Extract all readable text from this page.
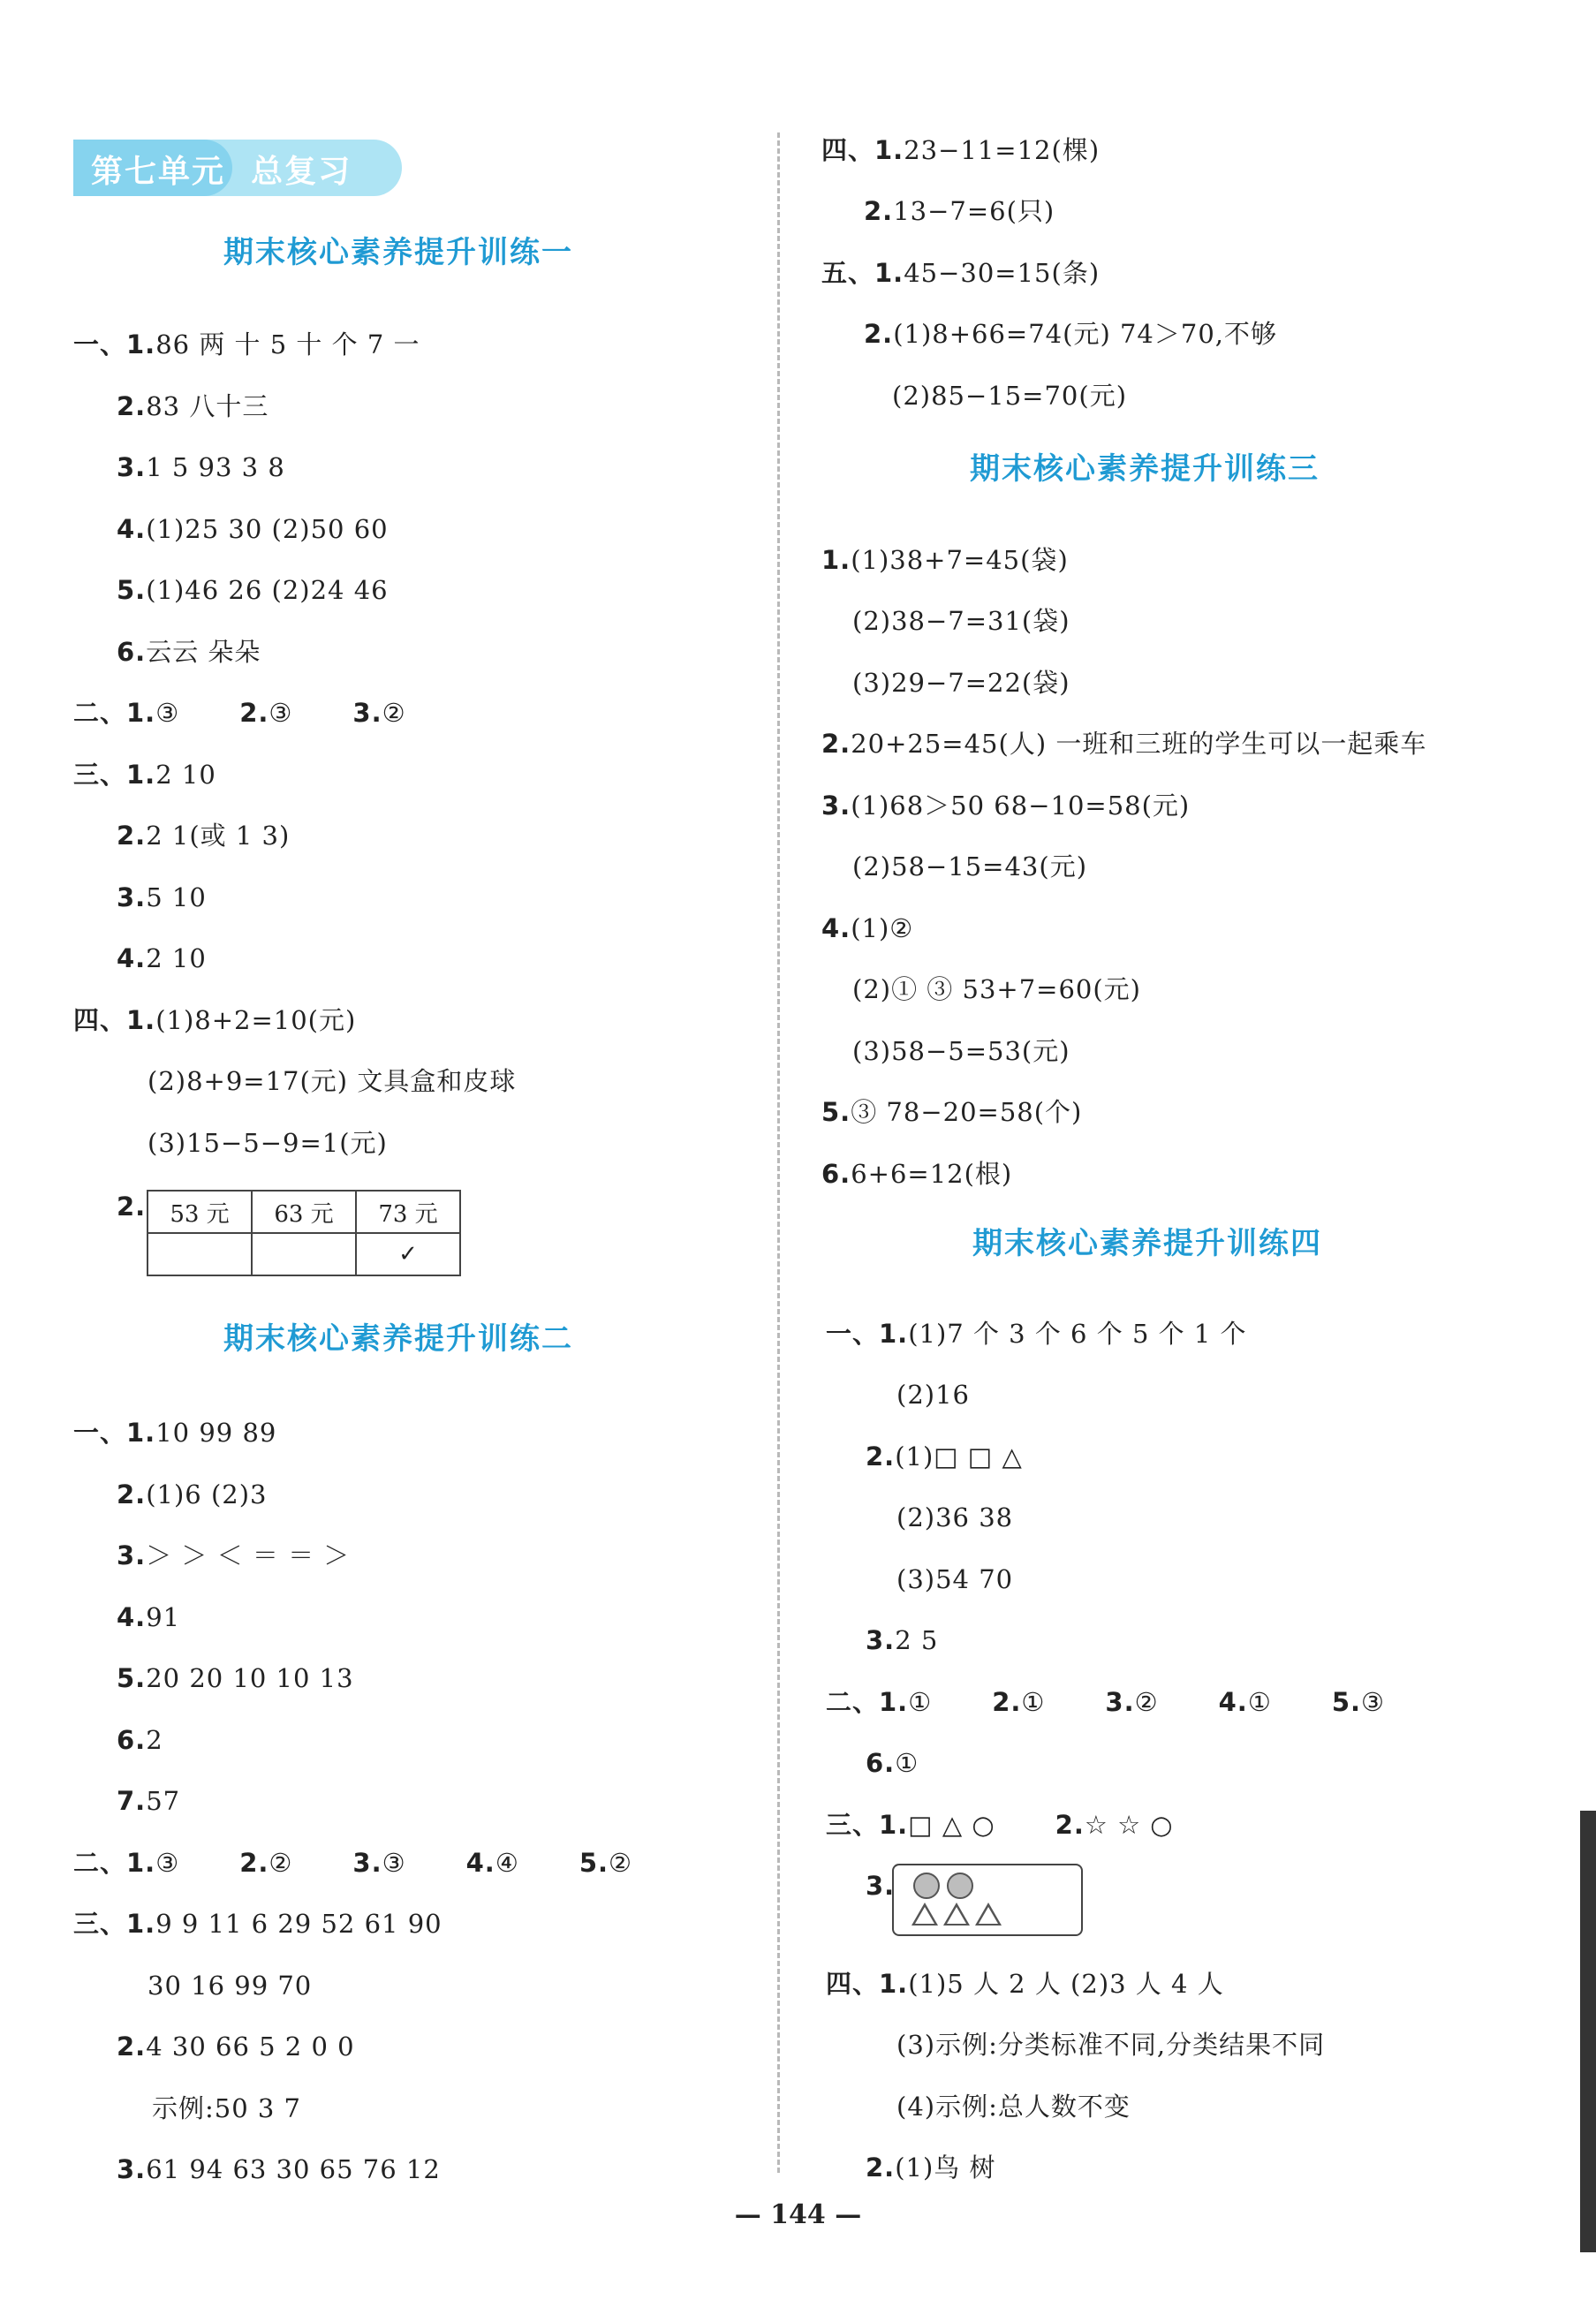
第七单元  总复习
期末核心素养提升训练一
一、1.86 两 十 5 十 个 7 一
2.83 八十三
3.1 5 93 3 8
4.(1)25 30 (2)50 60
5.(1)46 26 (2)24 46
6.云云 朵朵
二、1.③ 2.③ 3.②
三、1.2 10
2.2 1(或 1 3)
3.5 10
4.2 10
四、1.(1)8+2=10(元)
(2)8+9=17(元) 文具盒和皮球
(3)15−5−9=1(元)
2. 53 元	63 元	73 元
		✓
期末核心素养提升训练二
一、1.10 99 89
2.(1)6 (2)3
3.＞ ＞ ＜ ＝ ＝ ＞
4.91
5.20 20 10 10 13
6.2
7.57
二、1.③ 2.② 3.③ 4.④ 5.②
三、1.9 9 11 6 29 52 61 90
30 16 99 70
2.4 30 66 5 2 0 0
示例:50 3 7
3.61 94 63 30 65 76 12
四、1.23−11=12(棵)
2.13−7=6(只)
五、1.45−30=15(条)
2.(1)8+66=74(元) 74＞70,不够
(2)85−15=70(元)
期末核心素养提升训练三
1.(1)38+7=45(袋)
(2)38−7=31(袋)
(3)29−7=22(袋)
2.20+25=45(人) 一班和三班的学生可以一起乘车
3.(1)68＞50 68−10=58(元)
(2)58−15=43(元)
4.(1)②
(2)① ③ 53+7=60(元)
(3)58−5=53(元)
5.③ 78−20=58(个)
6.6+6=12(根)
期末核心素养提升训练四
一、1.(1)7 个 3 个 6 个 5 个 1 个
(2)16
2.(1)□ □ △
(2)36 38
(3)54 70
3.2 5
二、1.① 2.① 3.② 4.① 5.③
6.①
三、1.□ △ ○ 2.☆ ☆ ○
3.
四、1.(1)5 人 2 人 (2)3 人 4 人
(3)示例:分类标准不同,分类结果不同
(4)示例:总人数不变
2.(1)鸟 树
— 144 —
